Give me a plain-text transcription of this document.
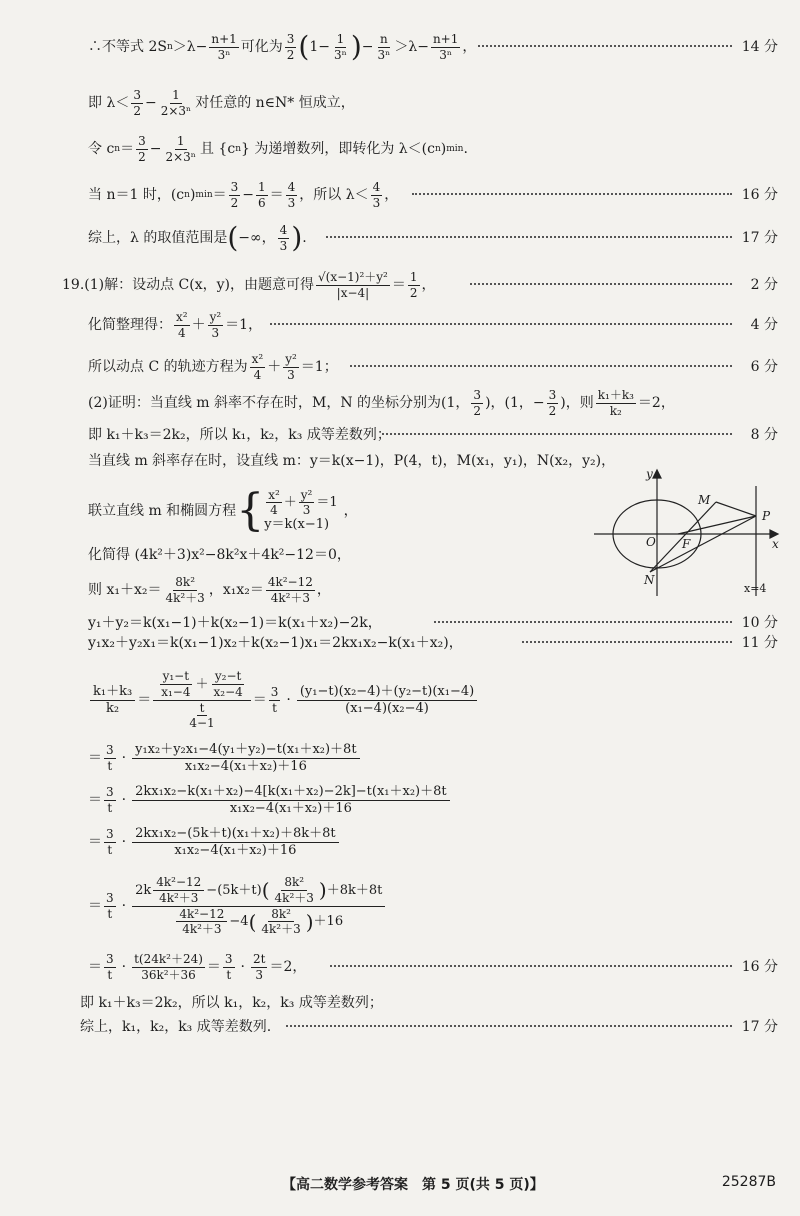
∴不等式 2S $n >\lambda- \frac{n+1}{\text{3ⁿ}}$ 可化为 $\frac{3}{2}$ ( $1- \frac{1}{\text{3ⁿ}}$ ) − $\frac{n}{\text{3ⁿ}} >\lambda- \frac{n+1}{\text{3ⁿ}}$ ，	14 分
即 $\lambda< \frac{3}{2} - \frac{1}{\text{2×3ⁿ}}$ 对任意的 n∈N* 恒成立，
令 c $n = \frac{3}{2} - \frac{1}{\text{2×3ⁿ}}$ 且 {c n } 为递增数列，即转化为 λ＜(c n ) min .
当 n＝1 时，(c n ) $\min = \frac{3}{2} - \frac{1}{6} = \frac{4}{3}$ ，所以 $\lambda< \frac{4}{3}$ ，	16 分
综上，λ 的取值范围是 ( −∞， $\frac{4}{3}$ ) .	17 分
19. (1)解：设动点 C(x，y)，由题意可得 $\frac{\text{√(x−1)²＋y²}}{|x-4|} = \frac{1}{2}$ ，	2 分
化简整理得： $\frac{\text{x²}}{4} + \frac{\text{y²}}{3} =1$，	4 分
所以动点 C 的轨迹方程为 $\frac{\text{x²}}{4} + \frac{\text{y²}}{3} =1$；	6 分
(2)证明：当直线 m 斜率不存在时，M，N 的坐标分别为 (1， $\frac{3}{2}$ )， (1，− $\frac{3}{2}$ )，则 $\frac{\text{k₁＋k₃}}{\text{k₂}} =2$，
即 k₁＋k₃＝2k₂，所以 k₁，k₂，k₃ 成等差数列；	8 分
当直线 m 斜率存在时，设直线 m：y＝k(x−1)，P(4，t)，M(x₁，y₁)，N(x₂，y₂)，
联立直线 m 和椭圆方程 { $\frac{\text{x²}}{4} + \frac{\text{y²}}{3} =1$
y＝k(x−1)
，
y
x
M
P
O F
N
x=4
化简得 (4k²＋3)x²−8k²x＋4k²−12＝0，
则 $x_1+x_2= \frac{\text{8k²}}{\text{4k²＋3}}$ ，$x_1x_2= \frac{\text{4k²−12}}{\text{4k²＋3}}$ ，
y₁＋y₂＝k(x₁−1)＋k(x₂−1)＝k(x₁＋x₂)−2k，	10 分
y₁x₂＋y₂x₁＝k(x₁−1)x₂＋k(x₂−1)x₁＝2kx₁x₂−k(x₁＋x₂)，	11 分
$\frac{\text{k₁＋k₃}}{\text{k₂}} = \frac{\frac{\text{y₁−t}}{\text{x₁−4}} + \frac{\text{y₂−t}}{\text{x₂−4}}}{\frac{t}{4-1}} = \frac{3}{t} \cdot \frac{\text{(y₁−t)(x₂−4)＋(y₂−t)(x₁−4)}}{\text{(x₁−4)(x₂−4)}}$
＝ $\frac{3}{t} \cdot \frac{\text{y₁x₂＋y₂x₁−4(y₁＋y₂)−t(x₁＋x₂)＋8t}}{\text{x₁x₂−4(x₁＋x₂)＋16}}$
＝ $\frac{3}{t} \cdot \frac{\text{2kx₁x₂−k(x₁＋x₂)−4[k(x₁＋x₂)−2k]−t(x₁＋x₂)＋8t}}{\text{x₁x₂−4(x₁＋x₂)＋16}}$
＝ $\frac{3}{t} \cdot \frac{\text{2kx₁x₂−(5k＋t)(x₁＋x₂)＋8k＋8t}}{\text{x₁x₂−4(x₁＋x₂)＋16}}$
＝ $\frac{3}{t}$ ·
$2k \frac{\text{4k²−12}}{\text{4k²＋3}} -(5k+t)$ ( $\frac{\text{8k²}}{\text{4k²＋3}}$ ) ＋8k＋8t
$\frac{\text{4k²−12}}{\text{4k²＋3}} -4$ ( $\frac{\text{8k²}}{\text{4k²＋3}}$ ) ＋16
＝ $\frac{3}{t} \cdot \frac{\text{t(24k²＋24)}}{\text{36k²＋36}} = \frac{3}{t} \cdot \frac{2t}{3} =2$，	16 分
即 k₁＋k₃＝2k₂，所以 k₁，k₂，k₃ 成等差数列；
综上，k₁，k₂，k₃ 成等差数列.	17 分
【高二数学参考答案　第 5 页(共 5 页)】	25287B
